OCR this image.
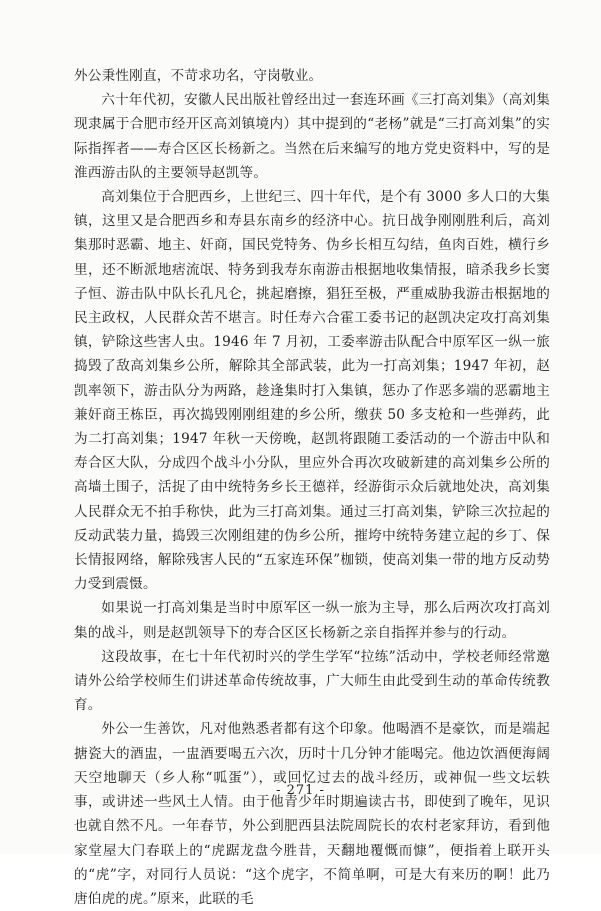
外公秉性刚直，不苛求功名，守岗敬业。

六十年代初，安徽人民出版社曾经出过一套连环画《三打高刘集》（高刘集现隶属于合肥市经开区高刘镇境内）其中提到的“老杨”就是“三打高刘集”的实际指挥者——寿合区区长杨新之。当然在后来编写的地方党史资料中，写的是淮西游击队的主要领导赵凯等。

高刘集位于合肥西乡，上世纪三、四十年代，是个有 3000 多人口的大集镇，这里又是合肥西乡和寿县东南乡的经济中心。抗日战争刚刚胜利后，高刘集那时恶霸、地主、奸商，国民党特务、伪乡长相互勾结，鱼肉百姓，横行乡里，还不断派地痞流氓、特务到我寿东南游击根据地收集情报，暗杀我乡长窦子恒、游击队中队长孔凡仑，挑起磨擦，猖狂至极，严重威胁我游击根据地的民主政权，人民群众苦不堪言。时任寿六合霍工委书记的赵凯决定攻打高刘集镇，铲除这些害人虫。1946 年 7 月初，工委率游击队配合中原军区一纵一旅捣毁了敌高刘集乡公所，解除其全部武装，此为一打高刘集；1947 年初，赵凯率领下，游击队分为两路，趁逢集时打入集镇，惩办了作恶多端的恶霸地主兼奸商王栋臣，再次捣毁刚刚组建的乡公所，缴获 50 多支枪和一些弹药，此为二打高刘集；1947 年秋一天傍晚，赵凯将跟随工委活动的一个游击中队和寿合区大队，分成四个战斗小分队，里应外合再次攻破新建的高刘集乡公所的高墙土围子，活捉了由中统特务乡长王德祥，经游街示众后就地处决，高刘集人民群众无不拍手称快，此为三打高刘集。通过三打高刘集，铲除三次拉起的反动武装力量，捣毁三次刚组建的伪乡公所，摧垮中统特务建立起的乡丁、保长情报网络，解除残害人民的“五家连环保”枷锁，使高刘集一带的地方反动势力受到震慑。

如果说一打高刘集是当时中原军区一纵一旅为主导，那么后两次攻打高刘集的战斗，则是赵凯领导下的寿合区区长杨新之亲自指挥并参与的行动。

这段故事，在七十年代初时兴的学生学军“拉练”活动中，学校老师经常邀请外公给学校师生们讲述革命传统故事，广大师生由此受到生动的革命传统教育。

外公一生善饮，凡对他熟悉者都有这个印象。他喝酒不是豪饮，而是端起搪瓷大的酒盅，一盅酒要喝五六次，历时十几分钟才能喝完。他边饮酒便海阔天空地聊天（乡人称“呱蛋”），或回忆过去的战斗经历，或神侃一些文坛轶事，或讲述一些风土人情。由于他青少年时期遍读古书，即使到了晚年，见识也就自然不凡。一年春节，外公到肥西县法院周院长的农村老家拜访，看到他家堂屋大门春联上的“虎踞龙盘今胜昔，天翻地覆慨而慷”，便指着上联开头的“虎”字，对同行人员说：“这个虎字，不简单啊，可是大有来历的啊！此乃唐伯虎的虎。”原来，此联的毛

- 271 -
